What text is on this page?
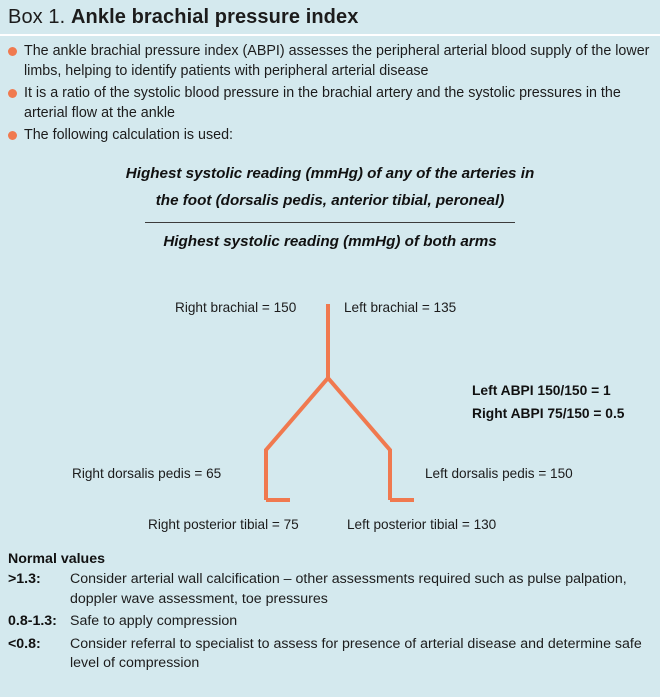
Box 1. Ankle brachial pressure index
The ankle brachial pressure index (ABPI) assesses the peripheral arterial blood supply of the lower limbs, helping to identify patients with peripheral arterial disease
It is a ratio of the systolic blood pressure in the brachial artery and the systolic pressures in the arterial flow at the ankle
The following calculation is used:
Highest systolic reading (mmHg) of any of the arteries in
the foot (dorsalis pedis, anterior tibial, peroneal)
Highest systolic reading (mmHg) of both arms
Right brachial = 150	Left brachial = 135
Left ABPI 150/150 = 1
Right ABPI 75/150 = 0.5
Right dorsalis pedis = 65	Left dorsalis pedis = 150
Right posterior tibial = 75	Left posterior tibial = 130
Normal values
>1.3: Consider arterial wall calcification – other assessments required such as pulse palpation, doppler wave assessment, toe pressures
0.8-1.3: Safe to apply compression
<0.8: Consider referral to specialist to assess for presence of arterial disease and determine safe level of compression
